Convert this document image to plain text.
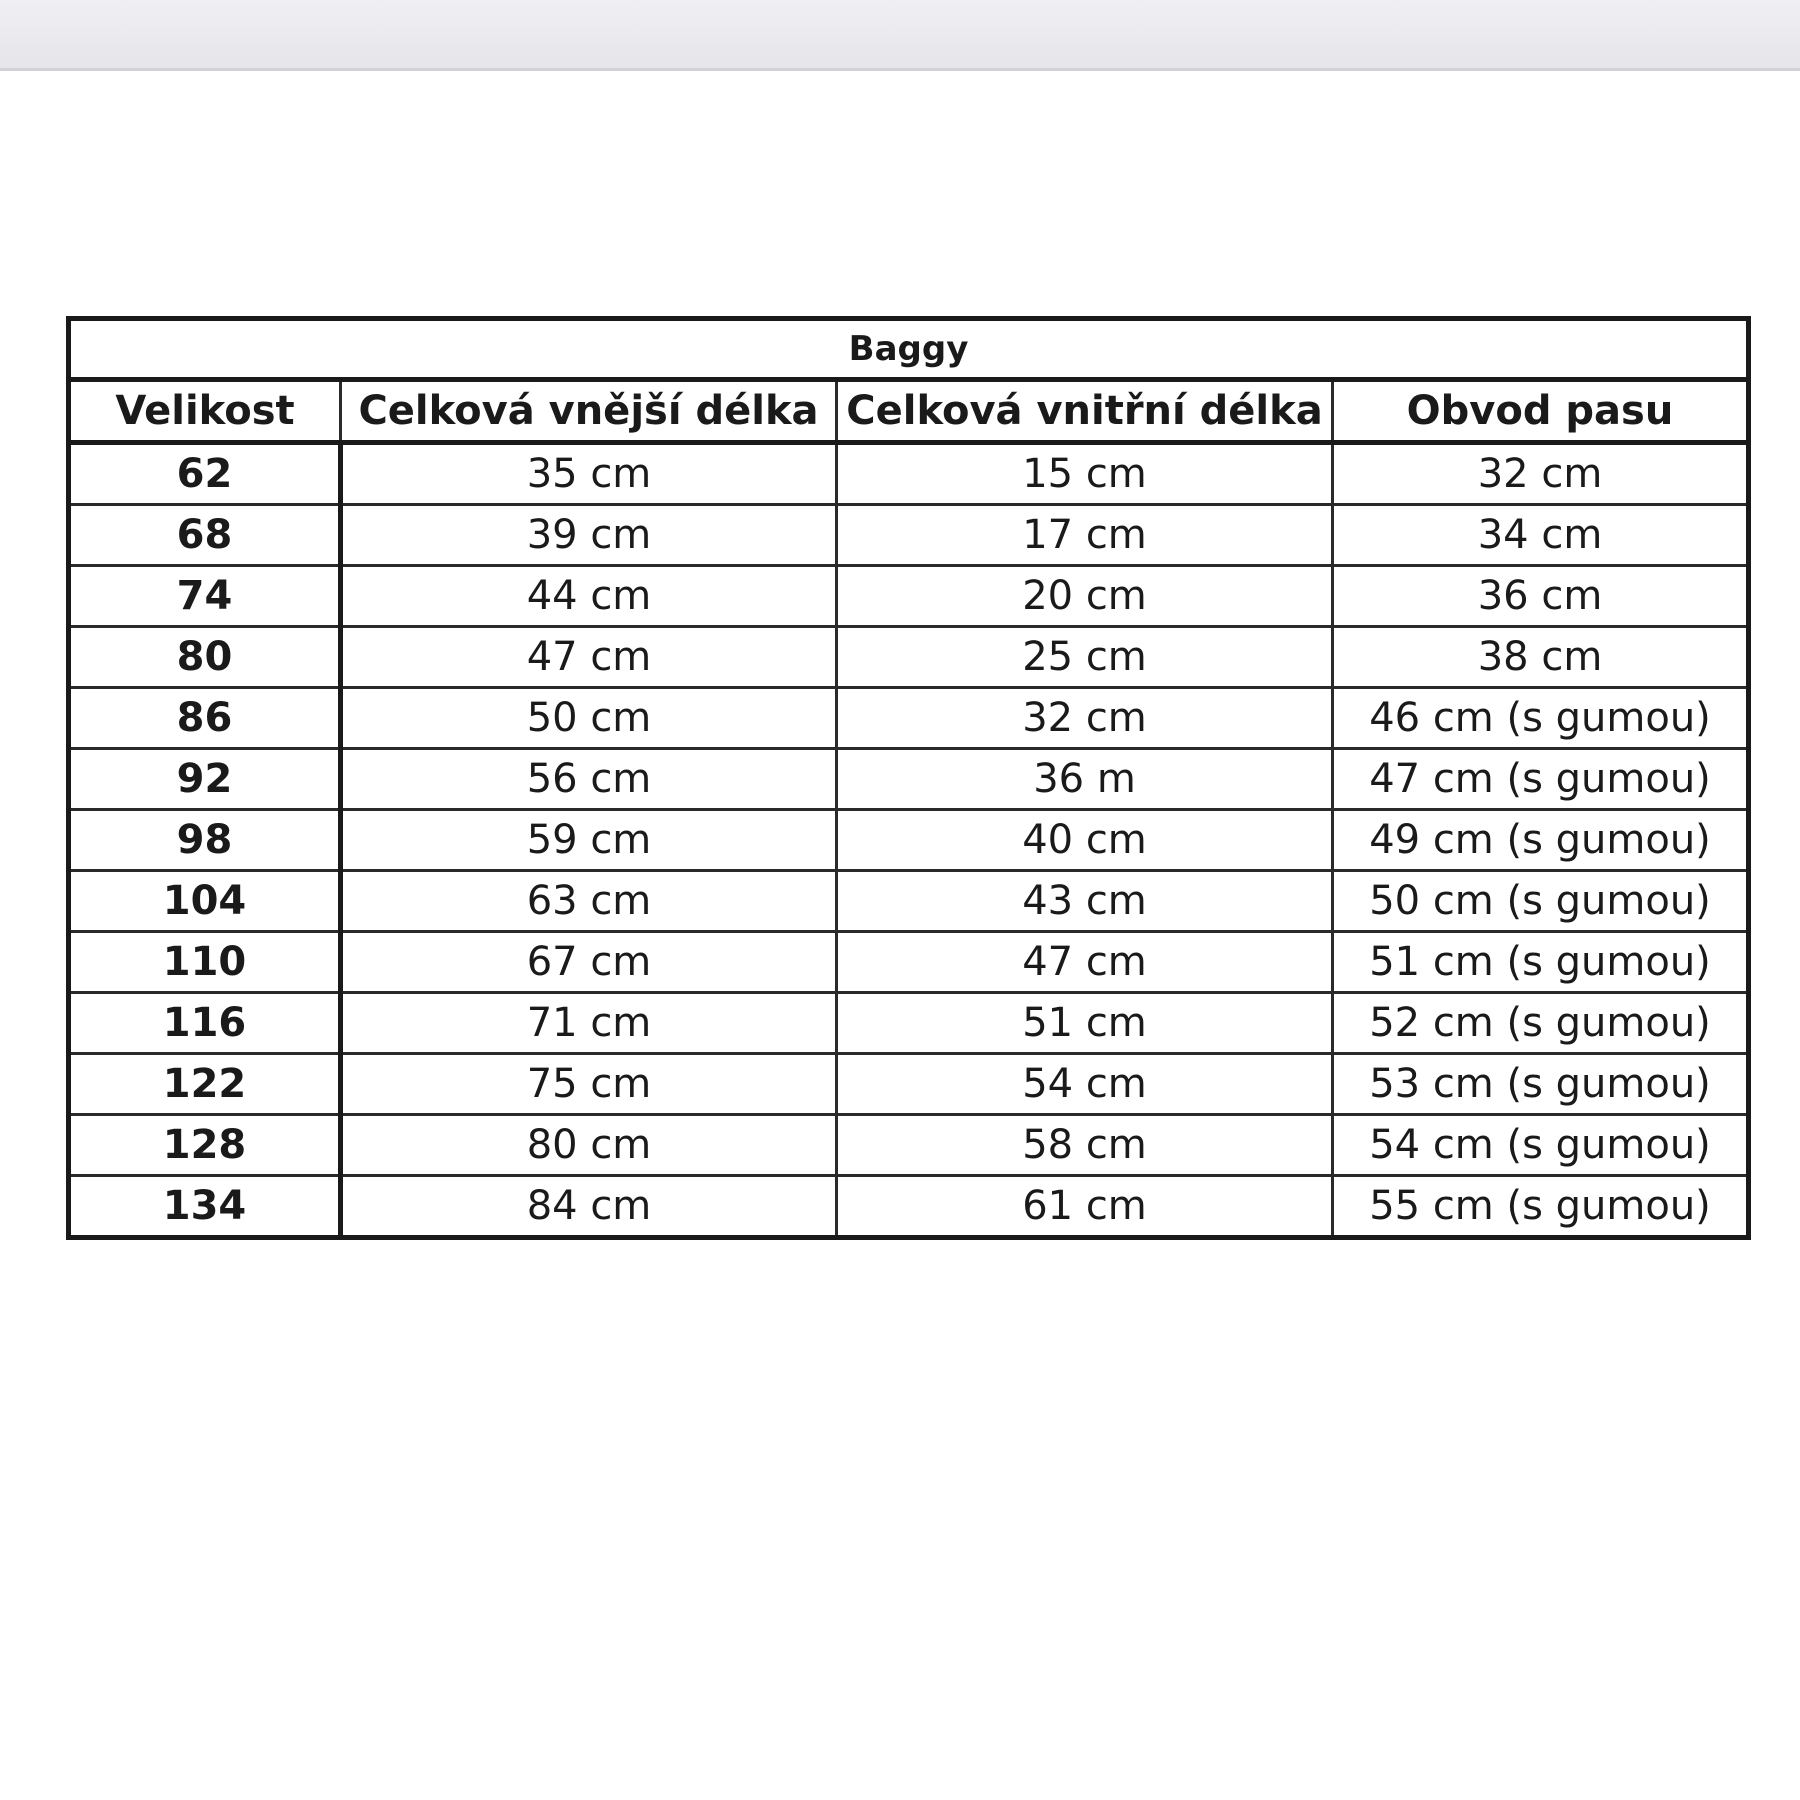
Baggy			
Velikost	Celková vnější délka	Celková vnitřní délka	Obvod pasu
62	35 cm	15 cm	32 cm
68	39 cm	17 cm	34 cm
74	44 cm	20 cm	36 cm
80	47 cm	25 cm	38 cm
86	50 cm	32 cm	46 cm (s gumou)
92	56 cm	36 m	47 cm (s gumou)
98	59 cm	40 cm	49 cm (s gumou)
104	63 cm	43 cm	50 cm (s gumou)
110	67 cm	47 cm	51 cm (s gumou)
116	71 cm	51 cm	52 cm (s gumou)
122	75 cm	54 cm	53 cm (s gumou)
128	80 cm	58 cm	54 cm (s gumou)
134	84 cm	61 cm	55 cm (s gumou)
